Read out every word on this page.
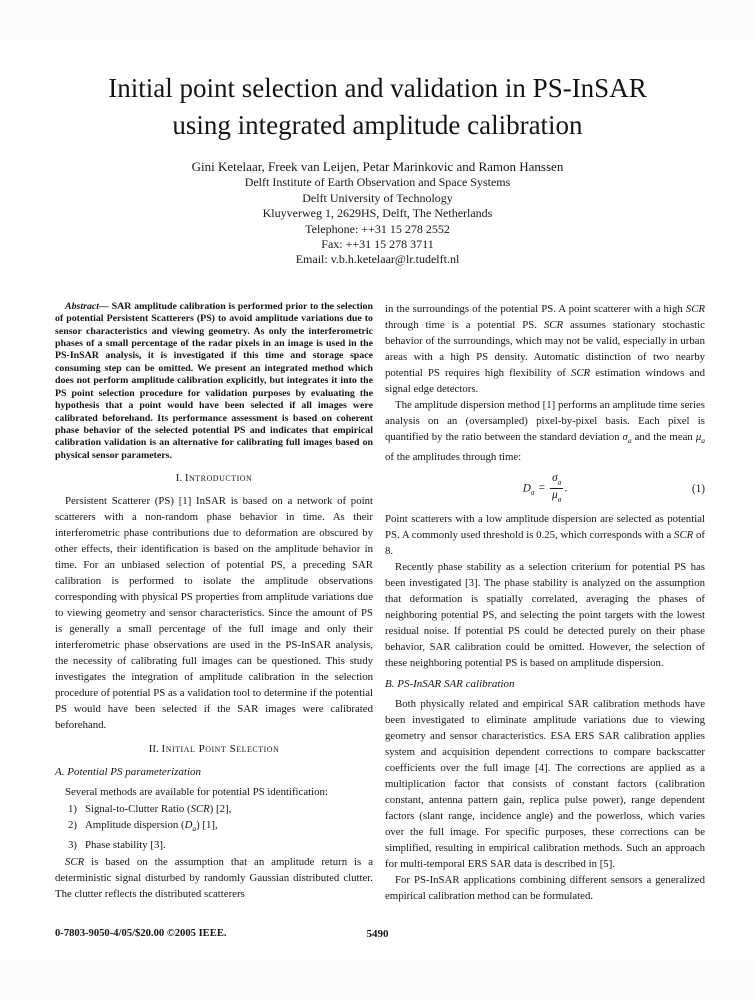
Initial point selection and validation in PS-InSAR
using integrated amplitude calibration
Gini Ketelaar, Freek van Leijen, Petar Marinkovic and Ramon Hanssen
Delft Institute of Earth Observation and Space Systems
Delft University of Technology
Kluyverweg 1, 2629HS, Delft, The Netherlands
Telephone: ++31 15 278 2552
Fax: ++31 15 278 3711
Email: v.b.h.ketelaar@lr.tudelft.nl

Abstract— SAR amplitude calibration is performed prior to the selection of potential Persistent Scatterers (PS) to avoid amplitude variations due to sensor characteristics and viewing geometry. As only the interferometric phases of a small percentage of the radar pixels in an image is used in the PS-InSAR analysis, it is investigated if this time and storage space consuming step can be omitted. We present an integrated method which does not perform amplitude calibration explicitly, but integrates it into the PS point selection procedure for validation purposes by evaluating the hypothesis that a point would have been selected if all images were calibrated beforehand. Its performance assessment is based on coherent phase behavior of the selected potential PS and indicates that empirical calibration validation is an alternative for calibrating full images based on physical sensor parameters.

I. Introduction

Persistent Scatterer (PS) [1] InSAR is based on a network of point scatterers with a non-random phase behavior in time. As their interferometric phase contributions due to deformation are obscured by other effects, their identification is based on the amplitude behavior in time. For an unbiased selection of potential PS, a preceding SAR calibration is performed to isolate the amplitude observations corresponding with physical PS properties from amplitude variations due to viewing geometry and sensor characteristics. Since the amount of PS is generally a small percentage of the full image and only their interferometric phase observations are used in the PS-InSAR analysis, the necessity of calibrating full images can be questioned. This study investigates the integration of amplitude calibration in the selection procedure of potential PS as a validation tool to determine if the potential PS would have been selected if the SAR images were calibrated beforehand.

II. Initial Point Selection
A. Potential PS parameterization

Several methods are available for potential PS identification:

1) Signal-to-Clutter Ratio (SCR) [2],
2) Amplitude dispersion $(D_a)$ [1],
3) Phase stability [3].

SCR is based on the assumption that an amplitude return is a deterministic signal disturbed by randomly Gaussian distributed clutter. The clutter reflects the distributed scatterers

in the surroundings of the potential PS. A point scatterer with a high SCR through time is a potential PS. SCR assumes stationary stochastic behavior of the surroundings, which may not be valid, especially in urban areas with a high PS density. Automatic distinction of two nearby potential PS requires high flexibility of SCR estimation windows and signal edge detectors.

The amplitude dispersion method [1] performs an amplitude time series analysis on an (oversampled) pixel-by-pixel basis. Each pixel is quantified by the ratio between the standard deviation $\sigma_a$ and the mean $\mu_a$ of the amplitudes through time:

$D_a = \frac{\sigma_a}{\mu_a}$ .	(1)

Point scatterers with a low amplitude dispersion are selected as potential PS. A commonly used threshold is 0.25, which corresponds with a SCR of 8.

Recently phase stability as a selection criterium for potential PS has been investigated [3]. The phase stability is analyzed on the assumption that deformation is spatially correlated, averaging the phases of neighboring potential PS, and selecting the point targets with the lowest residual noise. If potential PS could be detected purely on their phase behavior, SAR calibration could be omitted. However, the selection of these neighboring potential PS is based on amplitude dispersion.

B. PS-InSAR SAR calibration

Both physically related and empirical SAR calibration methods have been investigated to eliminate amplitude variations due to viewing geometry and sensor characteristics. ESA ERS SAR calibration applies system and acquisition dependent corrections to compare backscatter coefficients over the full image [4]. The corrections are applied as a multiplication factor that consists of constant factors (calibration constant, antenna pattern gain, replica pulse power), range dependent factors (slant range, incidence angle) and the powerloss, which varies over the full image. For specific purposes, these corrections can be simplified, resulting in empirical calibration methods. Such an approach for multi-temporal ERS SAR data is described in [5].

For PS-InSAR applications combining different sensors a generalized empirical calibration method can be formulated.

0-7803-9050-4/05/$20.00 ©2005 IEEE.	5490
